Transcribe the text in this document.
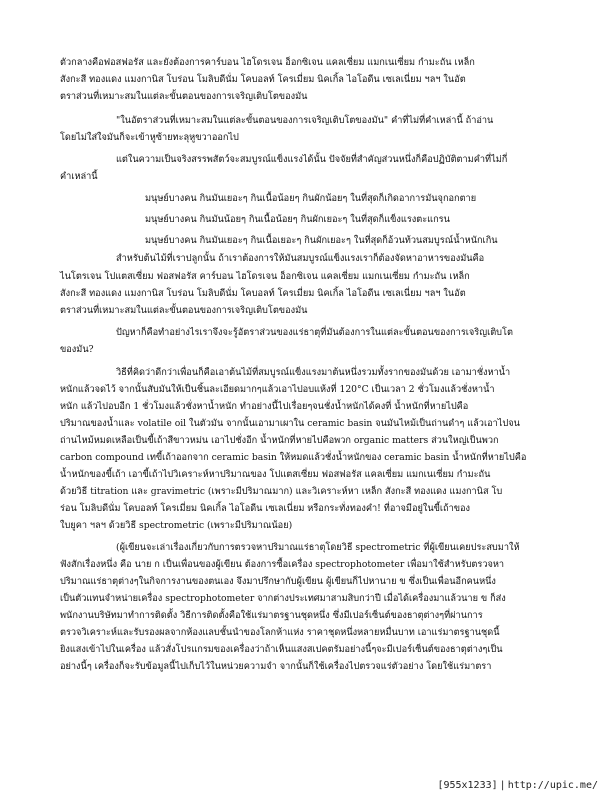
ตัวกลางคือฟอสฟอรัส และยังต้องการคาร์บอน ไฮโดรเจน อ็อกซิเจน แคลเซี่ยม แมกเนเซี่ยม กำมะถัน เหล็ก
สังกะสี ทองแดง แมงกานิส โบร่อน โมลิบดีนั่ม โคบอลท์ โครเมี่ยม นิคเกิ้ล ไอโอดีน เซเลเนี่ยม ฯลฯ ในอัต
ตราส่วนที่เหมาะสมในแต่ละขั้นตอนของการเจริญเติบโตของมัน
"ในอัตราส่วนที่เหมาะสมในแต่ละขั้นตอนของการเจริญเติบโตของมัน" คำที่ไม่ที่คำเหล่านี้ ถ้าอ่าน
โดยไม่ใส่ใจมันก็จะเข้าหูซ้ายทะลุหูขวาออกไป
แต่ในความเป็นจริงสรรพสัตว์จะสมบูรณ์แข็งแรงได้นั้น ปัจจัยที่สำคัญส่วนหนึ่งก็คือปฏิบัติตามคำที่ไม่กี่
คำเหล่านี้
มนุษย์บางคน กินมันเยอะๆ กินเนื้อน้อยๆ กินผักน้อยๆ ในที่สุดก็เกิดอาการมันจุกอกตาย
มนุษย์บางคน กินมันน้อยๆ กินเนื้อน้อยๆ กินผักเยอะๆ ในที่สุดก็แข็งแรงตะแกรน
มนุษย์บางคน กินมันเยอะๆ กินเนื้อเยอะๆ กินผักเยอะๆ ในที่สุดก็อ้วนท้วนสมบูรณ์น้ำหนักเกิน
สำหรับต้นไม้ที่เราปลูกนั้น ถ้าเราต้องการให้มันสมบูรณ์แข็งแรงเราก็ต้องจัดหาอาหารของมันคือ
ไนโตรเจน โปแตสเซี่ยม ฟอสฟอรัส คาร์บอน ไฮโดรเจน อ็อกซิเจน แคลเซี่ยม แมกเนเซี่ยม กำมะถัน เหล็ก
สังกะสี ทองแดง แมงกานิส โบร่อน โมลิบดีนั่ม โคบอลท์ โครเมี่ยม นิคเกิ้ล ไอโอดีน เซเลเนี่ยม ฯลฯ ในอัต
ตราส่วนที่เหมาะสมในแต่ละขั้นตอนของการเจริญเติบโตของมัน
ปัญหาก็คือทำอย่างไรเราจึงจะรู้อัตราส่วนของแร่ธาตุที่มันต้องการในแต่ละขั้นตอนของการเจริญเติบโต
ของมัน?
วิธีที่คิดว่าดีกว่าเพื่อนก็คือเอาต้นไม้ที่สมบูรณ์แข็งแรงมาต้นหนึ่งรวมทั้งรากของมันด้วย เอามาชั่งหาน้ำ
หนักแล้วจดไว้ จากนั้นสับมันให้เป็นชิ้นละเอียดมากๆแล้วเอาไปอบแห้งที่ 120°C เป็นเวลา 2 ชั่วโมงแล้วชั่งหาน้ำ
หนัก แล้วไปอบอีก 1 ชั่วโมงแล้วชั่งหาน้ำหนัก ทำอย่างนี้ไปเรื่อยๆจนชั่งน้ำหนักได้คงที่ น้ำหนักที่หายไปคือ
ปริมาณของน้ำและ volatile oil ในตัวมัน จากนั้นเอามาเผาใน ceramic basin จนมันไหม้เป็นถ่านดำๆ แล้วเอาไปจน
ถ่านไหม้หมดเหลือเป็นขี้เถ้าสีขาวหม่น เอาไปชั่งอีก น้ำหนักที่หายไปคือพวก organic matters ส่วนใหญ่เป็นพวก
carbon compound เทขี้เถ้าออกจาก ceramic basin ให้หมดแล้วชั่งน้ำหนักของ ceramic basin น้ำหนักที่หายไปคือ
น้ำหนักของขี้เถ้า เอาขี้เถ้าไปวิเคราะห์หาปริมาณของ โปแตสเซี่ยม ฟอสฟอรัส แคลเซี่ยม แมกเนเซี่ยม กำมะถัน
ด้วยวิธี titration และ gravimetric (เพราะมีปริมาณมาก) และวิเคราะห์หา เหล็ก สังกะสี ทองแดง แมงกานิส โบ
ร่อน โมลิบดีนั่ม โคบอลท์ โครเมี่ยม นิคเกิ้ล ไอโอดีน เซเลเนี่ยม หรือกระทั่งทองคำ! ที่อาจมีอยู่ในขี้เถ้าของ
ใบยูคา ฯลฯ ด้วยวิธี spectrometric (เพราะมีปริมาณน้อย)
(ผู้เขียนจะเล่าเรื่องเกี่ยวกับการตรวจหาปริมาณแร่ธาตุโดยวิธี spectrometric ที่ผู้เขียนเคยประสบมาให้
ฟังสักเรื่องหนึ่ง คือ นาย ก เป็นเพื่อนของผู้เขียน ต้องการซื้อเครื่อง spectrophotometer เพื่อมาใช้สำหรับตรวจหา
ปริมาณแร่ธาตุต่างๆในกิจการงานของตนเอง จึงมาปรึกษากับผู้เขียน ผู้เขียนก็ไปหานาย ข ซึ่งเป็นเพื่อนอีกคนหนึ่ง
เป็นตัวแทนจำหน่ายเครื่อง spectrophotometer จากต่างประเทศมาสามสิบกว่าปี เมื่อได้เครื่องมาแล้วนาย ข ก็ส่ง
พนักงานบริษัทมาทำการติดตั้ง วิธีการติดตั้งคือใช้แร่มาตรฐานชุดหนึ่ง ซึ่งมีเปอร์เซ็นต์ของธาตุต่างๆที่ผ่านการ
ตรวจวิเคราะห์และรับรองผลจากห้องแลบชั้นนำของโลกห้าแห่ง ราคาชุดหนึ่งหลายหมื่นบาท เอาแร่มาตรฐานชุดนี้
ยิงแสงเข้าไปในเครื่อง แล้วสั่งโปรแกรมของเครื่องว่าถ้าเห็นแสงสเปคตรัมอย่างนี้ๆจะมีเปอร์เซ็นต์ของธาตุต่างๆเป็น
อย่างนี้ๆ เครื่องก็จะรับข้อมูลนี้ไปเก็บไว้ในหน่วยความจำ จากนั้นก็ใช้เครื่องไปตรวจแร่ตัวอย่าง โดยใช้แร่มาตรา
[955x1233] | http://upic.me/
